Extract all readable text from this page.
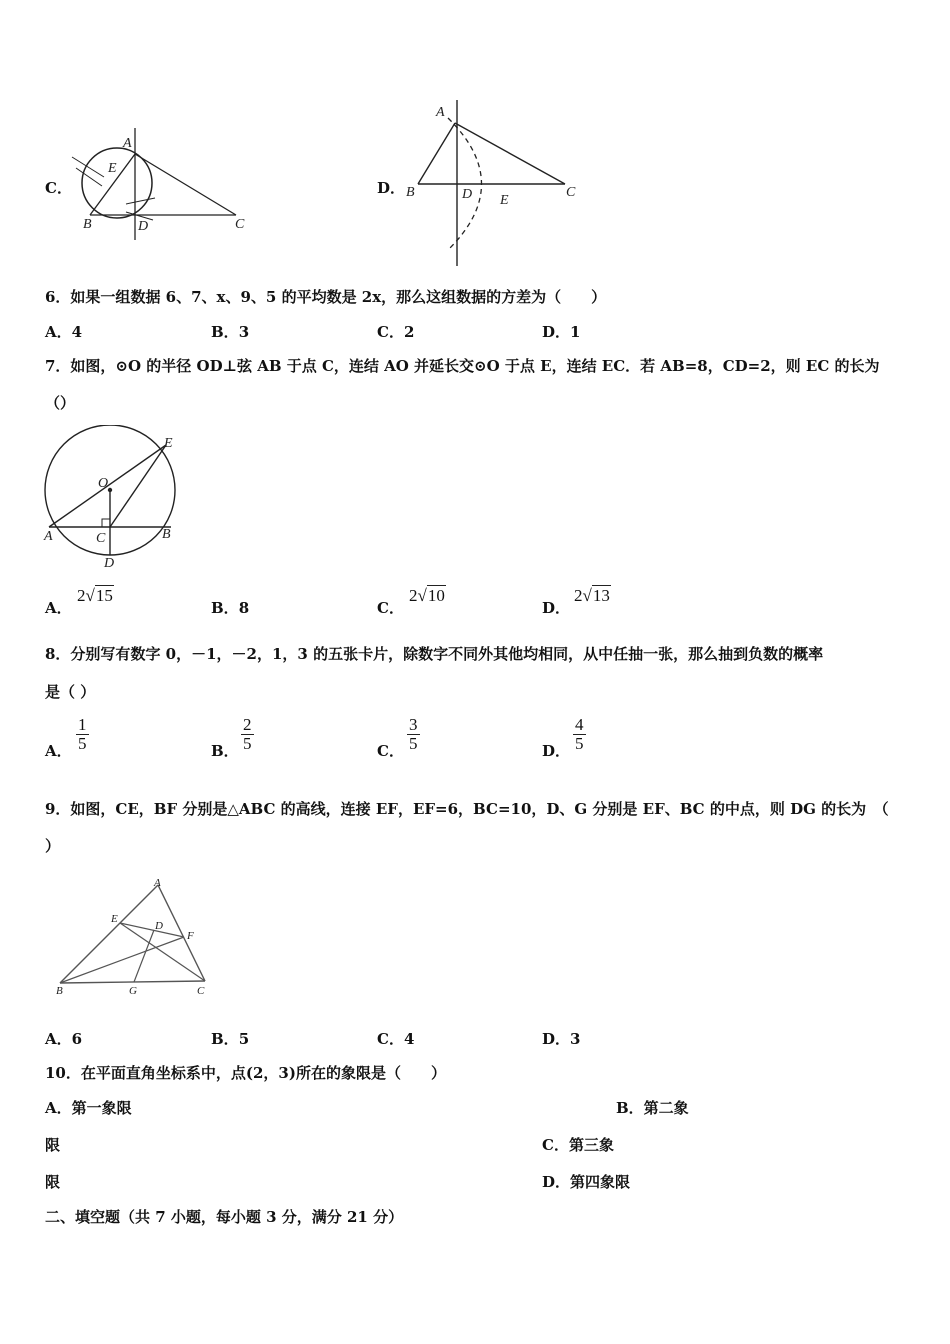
C．
A
E
B	D	C
D．
A
B	D E
C
6．如果一组数据 6、7、x、9、5 的平均数是 2x，那么这组数据的方差为（　　）
A．4	B．3	C．2	D．1
7．如图，⊙O 的半径 OD⊥弦 AB 于点 C，连结 AO 并延长交⊙O 于点 E，连结 EC．若 AB=8，CD=2，则 EC 的长为
（）
E
O
A	C	B
D
A．
2√15
B．8	C．
2√10
D．
2√13
8．分别写有数字 0，－1，－2，1，3 的五张卡片，除数字不同外其他均相同，从中任抽一张，那么抽到负数的概率
是（ ）
A． $\frac{1}{5}$	B． $\frac{2}{5}$	C． $\frac{3}{5}$	D． $\frac{4}{5}$
9．如图，CE，BF 分别是△ABC 的高线，连接 EF，EF=6，BC=10，D、G 分别是 EF、BC 的中点，则 DG 的长为　（
）
A
E
D
F
B	G	C
A．6	B．5	C．4	D．3
10．在平面直角坐标系中，点(2，3)所在的象限是（　　）
A．第一象限	B．第二象
限	C．第三象
限	D．第四象限
二、填空题（共 7 小题，每小题 3 分，满分 21 分）
